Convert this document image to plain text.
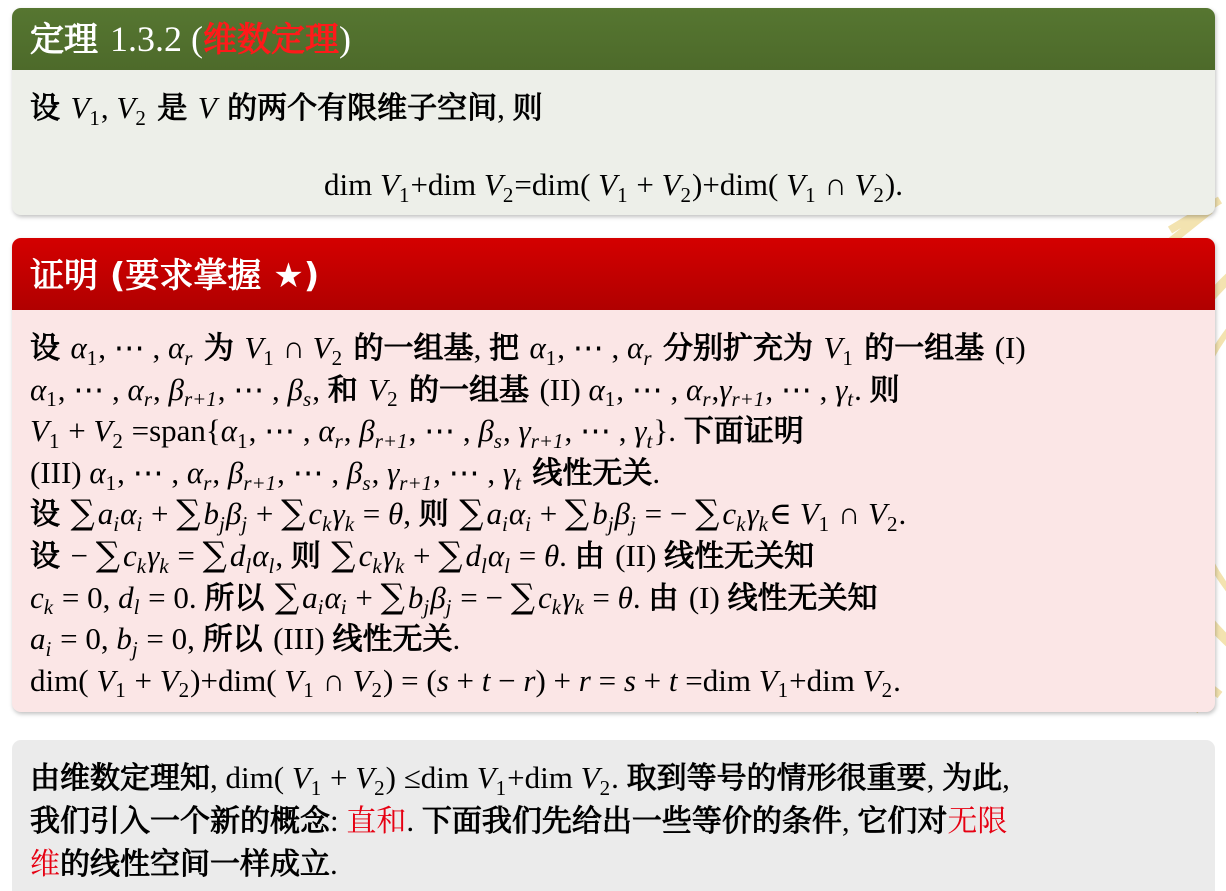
定理 1.3.2 (维数定理)
设 $V_1$, $V_2$ 是 V 的两个有限维子空间, 则
dim $V_1+dim$ $V_2=dim$( $V_1 + V_2)+dim$( $V_1$ ∩ $V_2$).
证明 (要求掌握 ★)
设 $\alpha_1$, ⋯ , $\alpha_r$ 为 $V_1$ ∩ $V_2$ 的一组基, 把 $\alpha_1$, ⋯ , $\alpha_r$ 分别扩充为 $V_1$ 的一组基 (I)
$\alpha_1$, ⋯ , $\alpha_r$, $\beta_{r+1}$, ⋯ , $\beta_s$, 和 $V_2$ 的一组基 (II) $\alpha_1$, ⋯ , $\alpha_r,\gamma_{r+1}$, ⋯ , $\gamma_t$. 则
$V_1 + V_2$ $=span\{\alpha_1$, ⋯ , $\alpha_r$, $\beta_{r+1}$, ⋯ , $\beta_s$, $\gamma_{r+1}$, ⋯ , $\gamma_t$}. 下面证明
(III) $\alpha_1$, ⋯ , $\alpha_r$, $\beta_{r+1}$, ⋯ , $\beta_s$, $\gamma_{r+1}$, ⋯ , $\gamma_t$ 线性无关.
设 $\sum a_i\alpha_i + \sum b_j\beta_j + \sum c_k\gamma_k = \theta$, 则 $\sum a_i\alpha_i + \sum b_j\beta_j$ = − $\sum c_k\gamma_k\in$ $V_1$ ∩ $V_2$.
设 − $\sum c_k\gamma_k = \sum d_l\alpha_l$, 则 $\sum c_k\gamma_k + \sum d_l\alpha_l = \theta$. 由 (II) 线性无关知
$c_k = 0$, $d_l = 0$. 所以 $\sum a_i\alpha_i + \sum b_j\beta_j$ = − $\sum c_k\gamma_k = \theta$. 由 (I) 线性无关知
$a_i = 0$, $b_j = 0$, 所以 (III) 线性无关.
dim( $V_1 + V_2)+dim$( $V_1$ ∩ $V_2) = (s + t - r) + r = s + t =dim$ $V_1+dim$ $V_2$.
由维数定理知, dim( $V_1 + V_2) \le dim$ $V_1+dim$ $V_2$. 取到等号的情形很重要, 为此,
我们引入一个新的概念: 直和. 下面我们先给出一些等价的条件, 它们对无限
维的线性空间一样成立.
